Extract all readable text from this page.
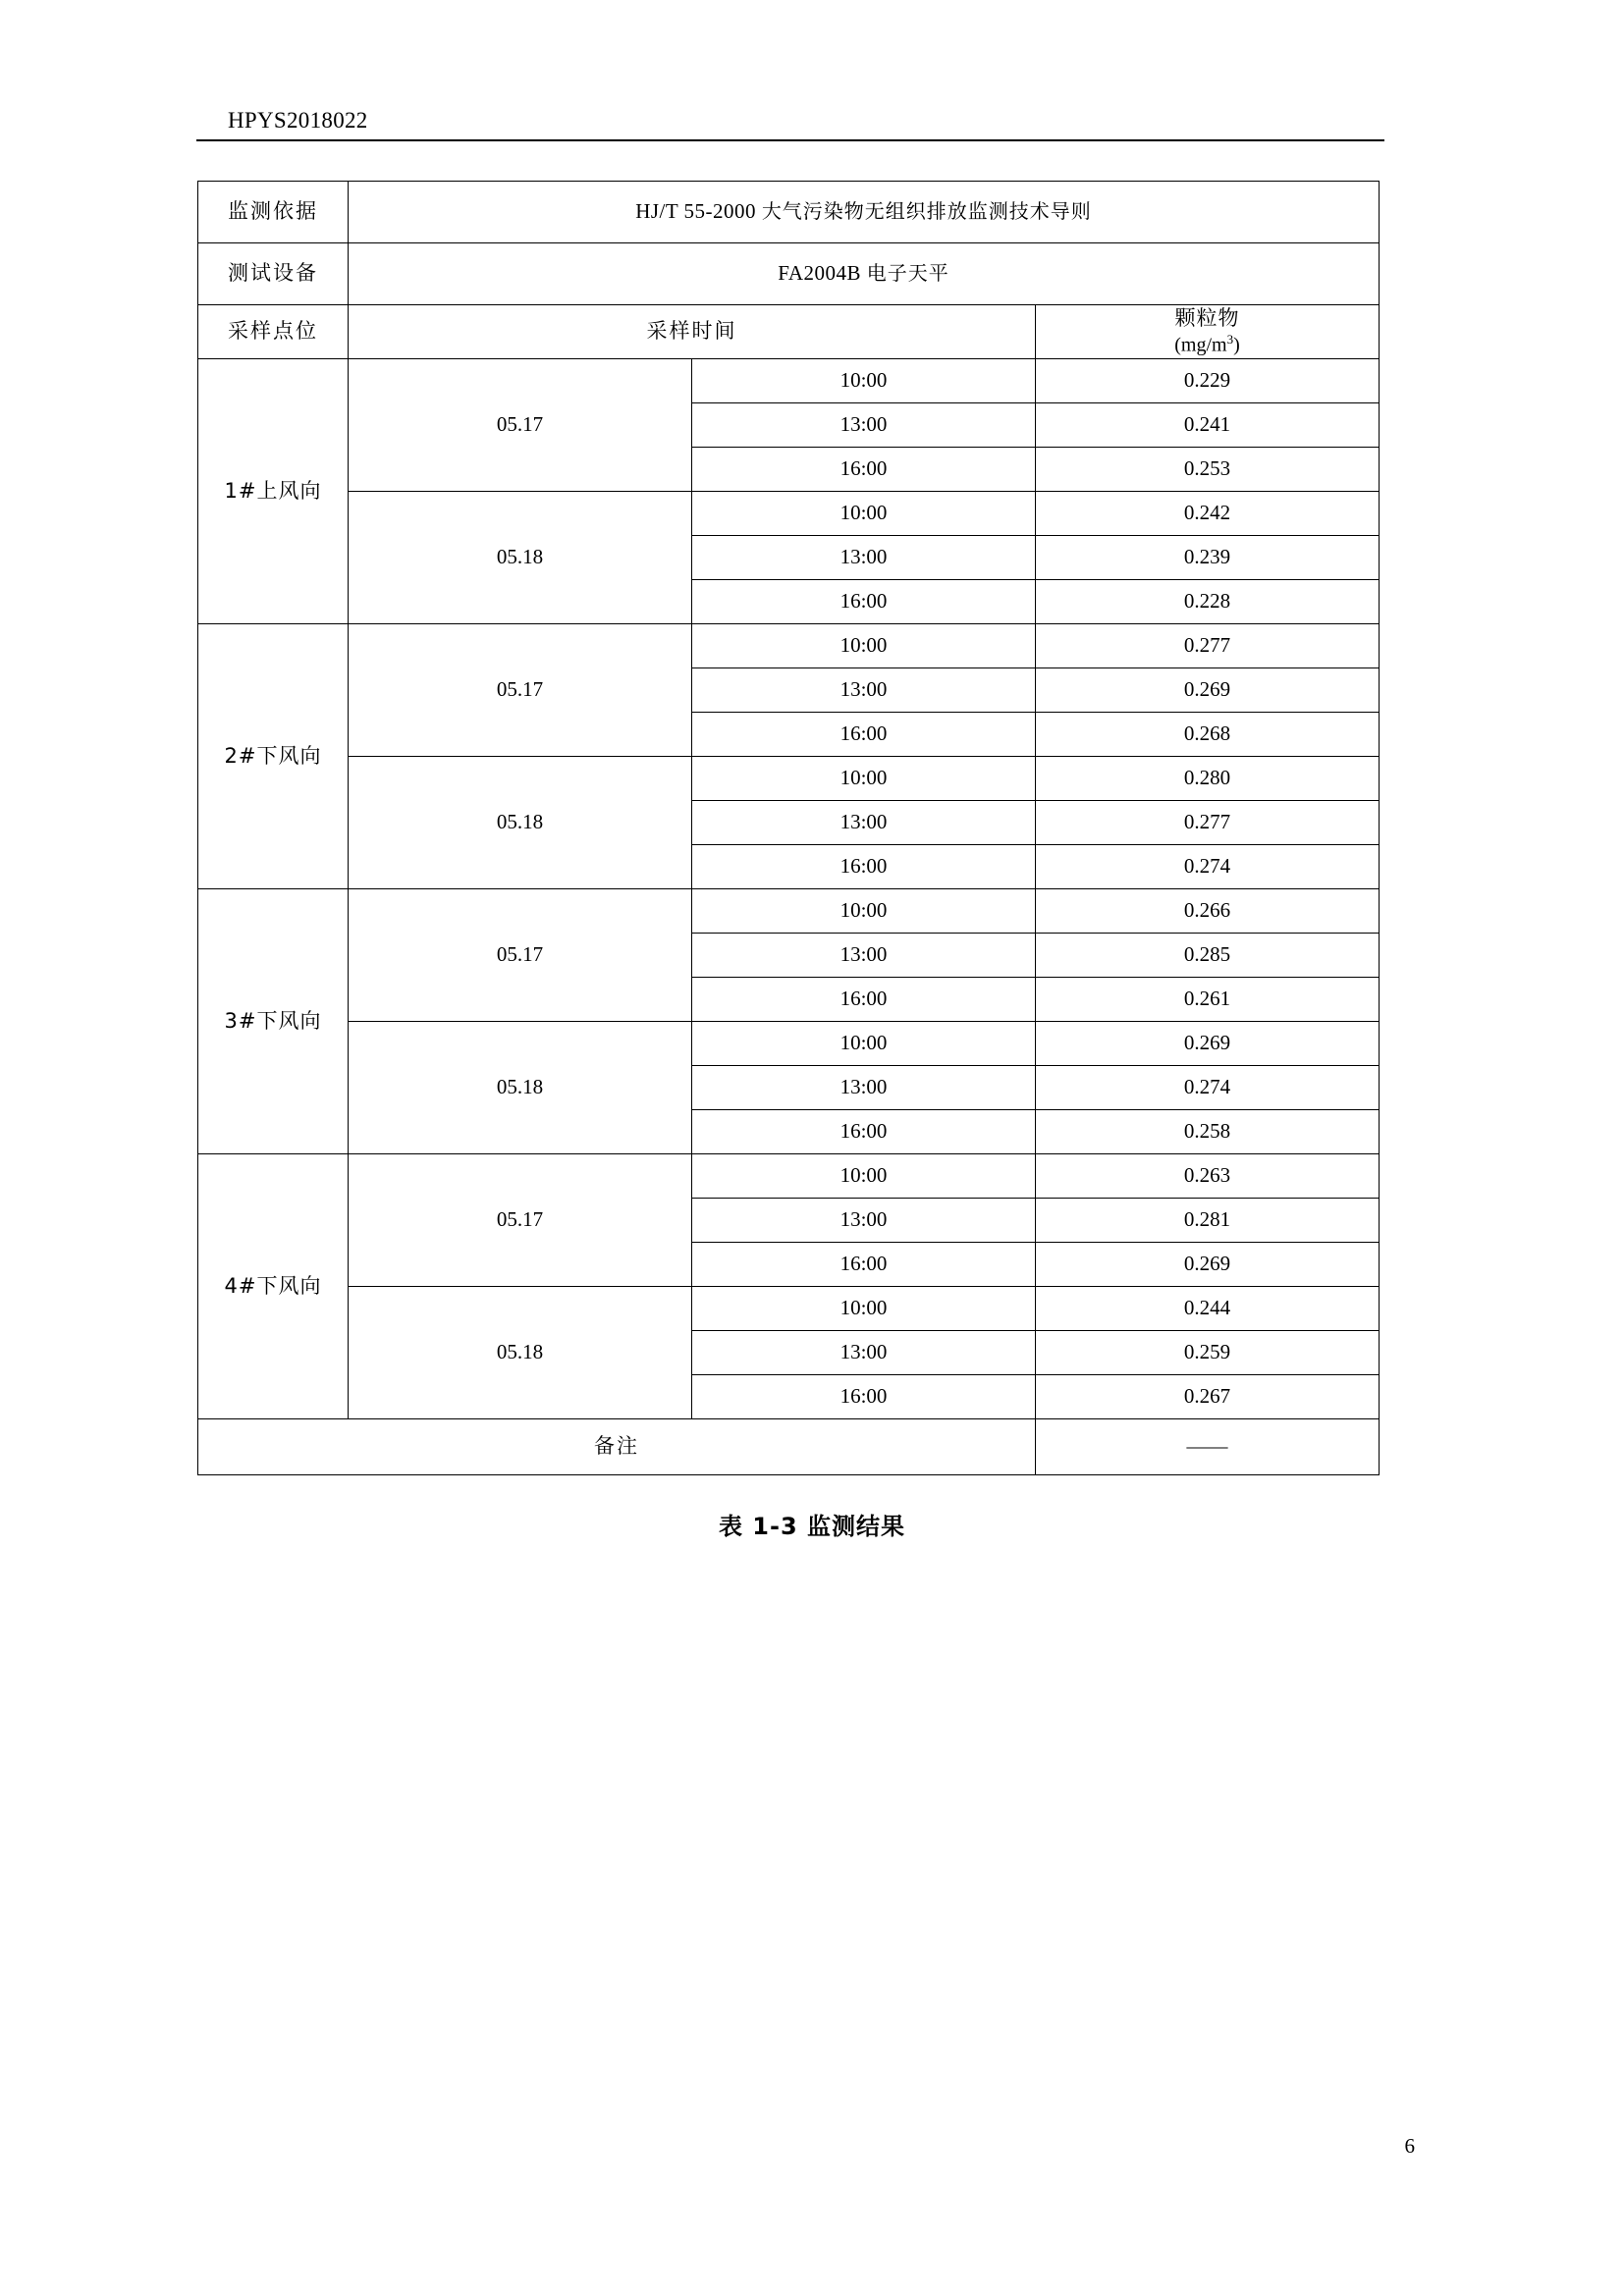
HPYS2018022
监测依据	HJ/T 55-2000 大气污染物无组织排放监测技术导则		
测试设备	FA2004B 电子天平		
采样点位	采样时间		颗粒物
$(mg/m^3)$

1#上风向	05.17	10:00	0.229
		13:00	0.241
		16:00	0.253
	05.18	10:00	0.242
		13:00	0.239
		16:00	0.228
2#下风向	05.17	10:00	0.277
		13:00	0.269
		16:00	0.268
	05.18	10:00	0.280
		13:00	0.277
		16:00	0.274
3#下风向	05.17	10:00	0.266
		13:00	0.285
		16:00	0.261
	05.18	10:00	0.269
		13:00	0.274
		16:00	0.258
4#下风向	05.17	10:00	0.263
		13:00	0.281
		16:00	0.269
	05.18	10:00	0.244
		13:00	0.259
		16:00	0.267
备注			——
表 1-3 监测结果
6
